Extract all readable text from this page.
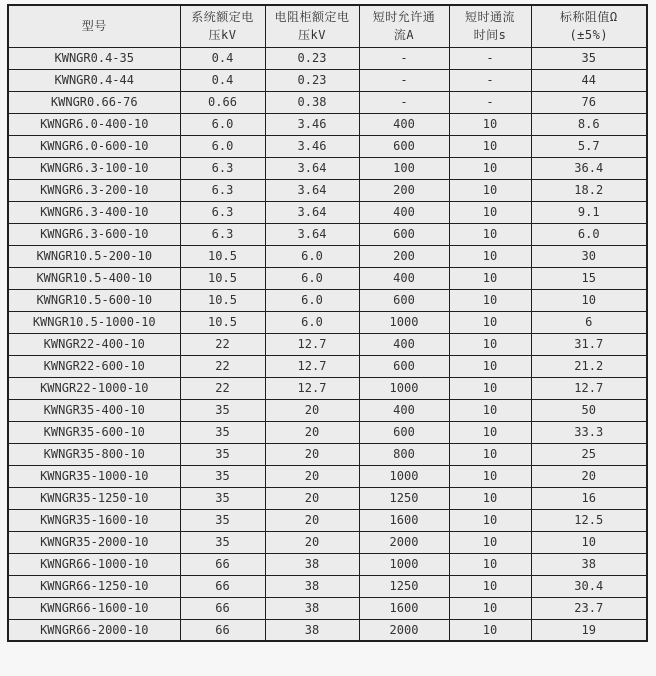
型号	系统额定电压kV	电阻柜额定电压kV	短时允许通流A	短时通流时间s	标称阻值Ω (±5%)
KWNGR0.4-35	0.4	0.23	-	-	35
KWNGR0.4-44	0.4	0.23	-	-	44
KWNGR0.66-76	0.66	0.38	-	-	76
KWNGR6.0-400-10	6.0	3.46	400	10	8.6
KWNGR6.0-600-10	6.0	3.46	600	10	5.7
KWNGR6.3-100-10	6.3	3.64	100	10	36.4
KWNGR6.3-200-10	6.3	3.64	200	10	18.2
KWNGR6.3-400-10	6.3	3.64	400	10	9.1
KWNGR6.3-600-10	6.3	3.64	600	10	6.0
KWNGR10.5-200-10	10.5	6.0	200	10	30
KWNGR10.5-400-10	10.5	6.0	400	10	15
KWNGR10.5-600-10	10.5	6.0	600	10	10
KWNGR10.5-1000-10	10.5	6.0	1000	10	6
KWNGR22-400-10	22	12.7	400	10	31.7
KWNGR22-600-10	22	12.7	600	10	21.2
KWNGR22-1000-10	22	12.7	1000	10	12.7
KWNGR35-400-10	35	20	400	10	50
KWNGR35-600-10	35	20	600	10	33.3
KWNGR35-800-10	35	20	800	10	25
KWNGR35-1000-10	35	20	1000	10	20
KWNGR35-1250-10	35	20	1250	10	16
KWNGR35-1600-10	35	20	1600	10	12.5
KWNGR35-2000-10	35	20	2000	10	10
KWNGR66-1000-10	66	38	1000	10	38
KWNGR66-1250-10	66	38	1250	10	30.4
KWNGR66-1600-10	66	38	1600	10	23.7
KWNGR66-2000-10	66	38	2000	10	19
